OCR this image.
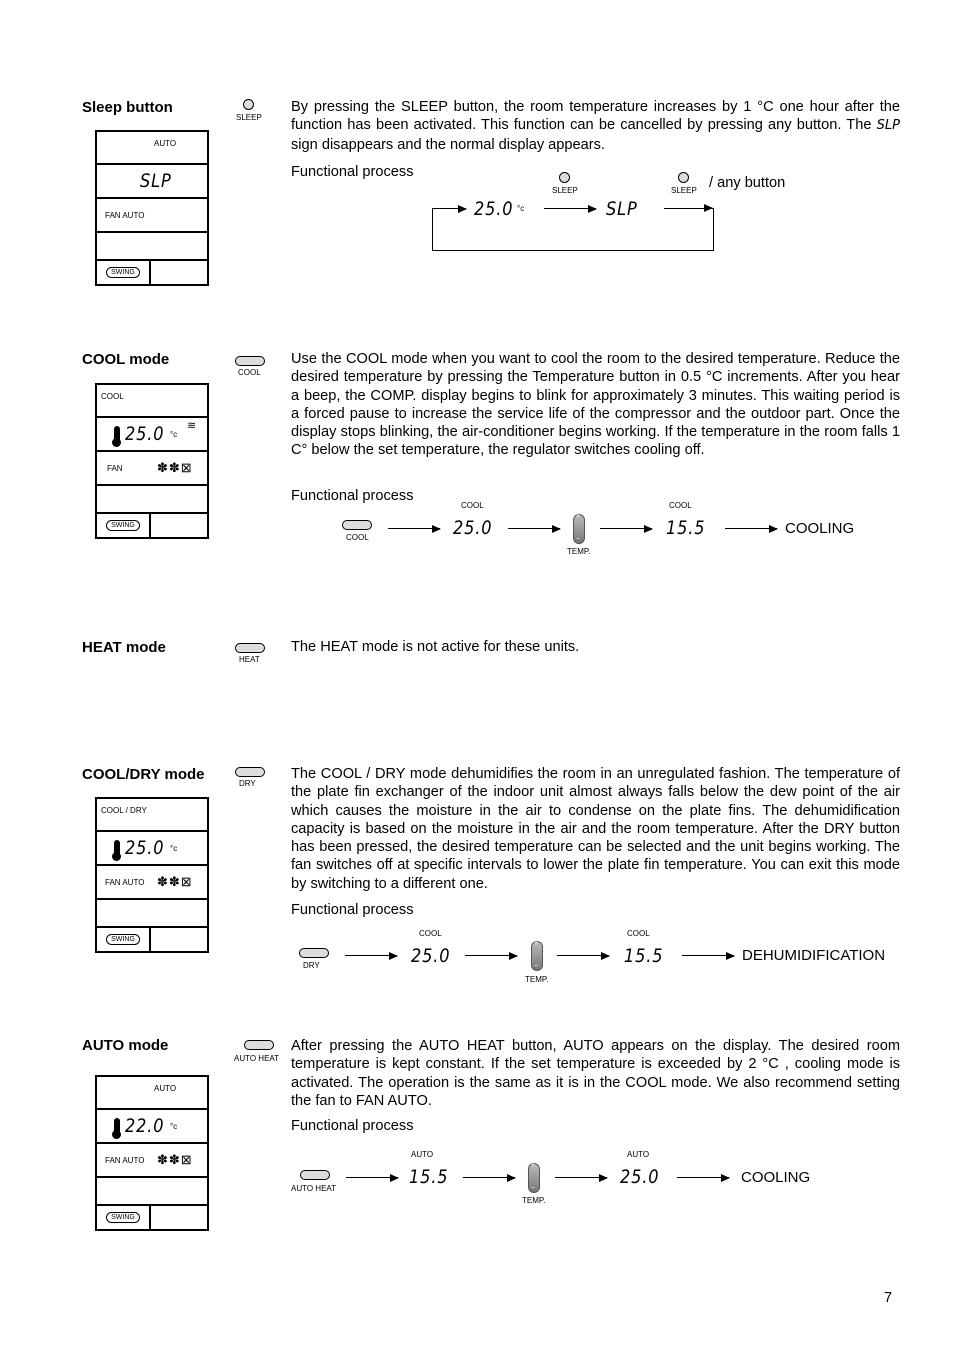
Sleep button
SLEEP
AUTO
SLP
FAN AUTO
SWING
By pressing the SLEEP button, the room temperature increases by 1 °C one hour after the function has been activated. This function can be cancelled by pressing any button. The SLP sign disappears and the normal display appears.
Functional process
25.0 °c
SLEEP
SLP
SLEEP / any button
COOL mode
COOL
COOL
25.0 °c
≋
FAN	✽✽⊠
SWING
Use the COOL mode when you want to cool the room to the desired temperature. Reduce the desired temperature by pressing the Temperature button in 0.5 °C increments. After you hear a beep, the COMP. display begins to blink for approximately 3 minutes. This waiting period is a forced pause to increase the service life of the compressor and the outdoor part. Once the display stops blinking, the air-conditioner begins working. If the temperature in the room falls 1 C° below the set temperature, the regulator switches cooling off.
Functional process
COOL
COOL
25.0
+ −
TEMP.
COOL
15.5	COOLING
HEAT mode
HEAT
The HEAT mode is not active for these units.
COOL/DRY mode
DRY
COOL / DRY
25.0 °c
FAN AUTO ✽✽⊠
SWING
The COOL / DRY mode dehumidifies the room in an unregulated fashion. The temperature of the plate fin exchanger of the indoor unit almost always falls below the dew point of the air which causes the moisture in the air to condense on the plate fins. The dehumidification capacity is based on the moisture in the air and the room temperature. After the DRY button has been pressed, the desired temperature can be selected and the unit begins working. The fan switches off at specific intervals to lower the plate fin temperature. You can exit this mode by switching to a different one.
Functional process
DRY
COOL
25.0
+ −
TEMP.
COOL
15.5	DEHUMIDIFICATION
AUTO mode
AUTO HEAT
AUTO
22.0 °c
FAN AUTO ✽✽⊠
SWING
After pressing the AUTO HEAT button, AUTO appears on the display. The desired room temperature is kept constant. If the set temperature is exceeded by 2 °C , cooling mode is activated. The operation is the same as it is in the COOL mode. We also recommend setting the fan to FAN AUTO.
Functional process
AUTO HEAT
AUTO
15.5
+ −
TEMP.
AUTO
25.0	COOLING
7
